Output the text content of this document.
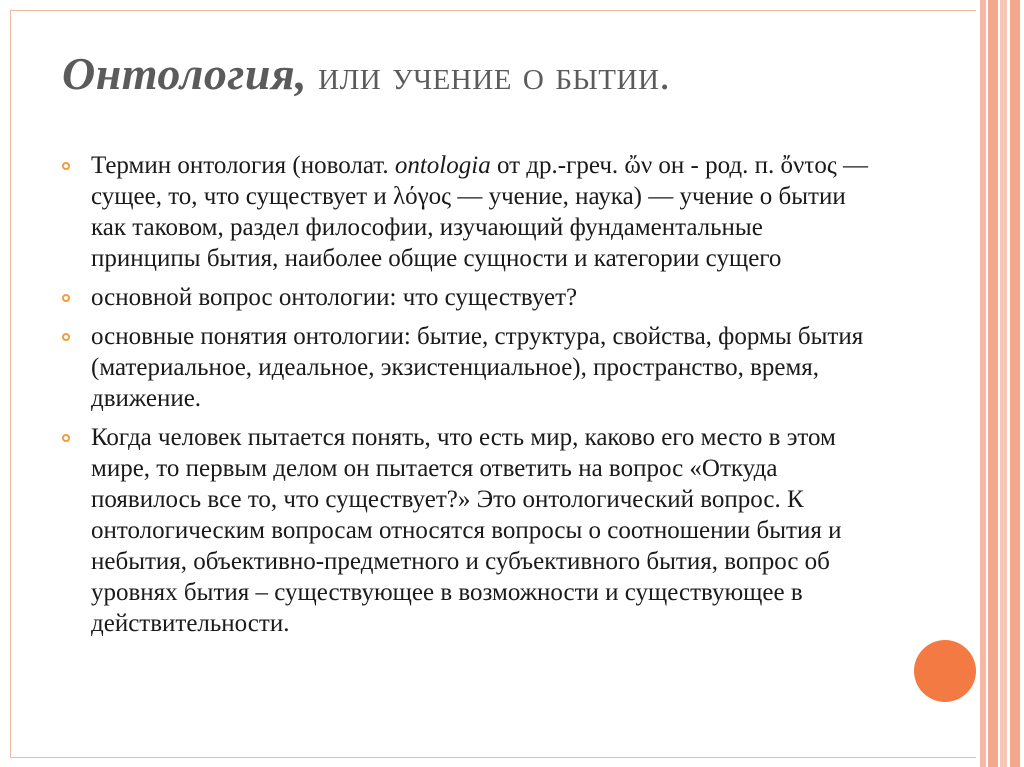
Онтология, или учение о бытии.
Термин онтология (новолат. ontologia от др.-греч. ὤν он - род. п. ὄντος — сущее, то, что существует и λόγος — учение, наука) — учение о бытии как таковом, раздел философии, изучающий фундаментальные принципы бытия, наиболее общие сущности и категории сущего
основной вопрос онтологии: что существует?
основные понятия онтологии: бытие, структура, свойства, формы бытия (материальное, идеальное, экзистенциальное), пространство, время, движение.
Когда человек пытается понять, что есть мир, каково его место в этом мире, то первым делом он пытается ответить на вопрос «Откуда появилось все то, что существует?» Это онтологический вопрос. К онтологическим вопросам относятся вопросы о соотношении бытия и небытия, объективно-предметного и субъективного бытия, вопрос об уровнях бытия – существующее в возможности и существующее в действительности.
